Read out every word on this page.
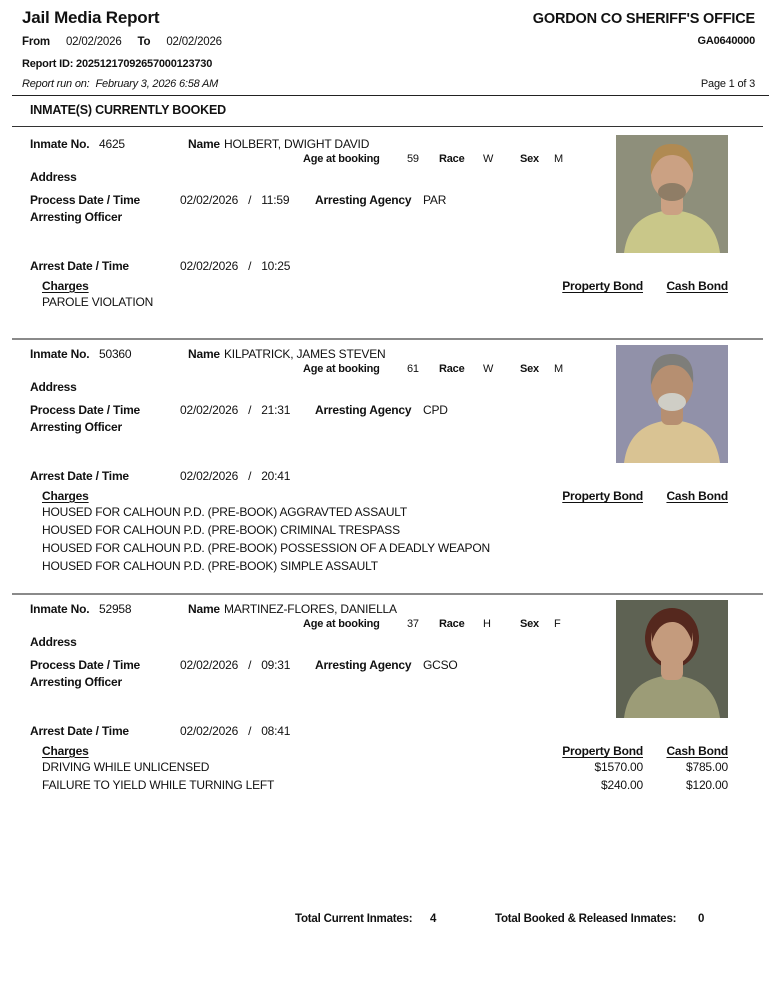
Jail Media Report	GORDON CO SHERIFF'S OFFICE
From 02/02/2026 To 02/02/2026	GA0640000
Report ID: 20251217092657000123730
Report run on: February 3, 2026 6:58 AM	Page 1 of 3
INMATE(S) CURRENTLY BOOKED
Total Current Inmates: 4	Total Booked & Released Inmates: 0
Inmate No. 4625	Name HOLBERT, DWIGHT DAVID
Age at booking 59 Race W Sex M
Address
Process Date / Time	02/02/2026 / 11:59 Arresting Agency PAR
Arresting Officer
Arrest Date / Time	02/02/2026 / 10:25
Charges	Property Bond Cash Bond
PAROLE VIOLATION
Inmate No. 50360	Name KILPATRICK, JAMES STEVEN
Age at booking 61 Race W Sex M
Address
Process Date / Time	02/02/2026 / 21:31 Arresting Agency CPD
Arresting Officer
Arrest Date / Time	02/02/2026 / 20:41
Charges	Property Bond Cash Bond
HOUSED FOR CALHOUN P.D. (PRE-BOOK) AGGRAVTED ASSAULT
HOUSED FOR CALHOUN P.D. (PRE-BOOK) CRIMINAL TRESPASS
HOUSED FOR CALHOUN P.D. (PRE-BOOK) POSSESSION OF A DEADLY WEAPON
HOUSED FOR CALHOUN P.D. (PRE-BOOK) SIMPLE ASSAULT
Inmate No. 52958	Name MARTINEZ-FLORES, DANIELLA
Age at booking 37 Race H	Sex F
Address
Process Date / Time	02/02/2026 / 09:31 Arresting Agency GCSO
Arresting Officer
Arrest Date / Time	02/02/2026 / 08:41
Charges	Property Bond Cash Bond
DRIVING WHILE UNLICENSED	$1570.00	$785.00
FAILURE TO YIELD WHILE TURNING LEFT	$240.00	$120.00
